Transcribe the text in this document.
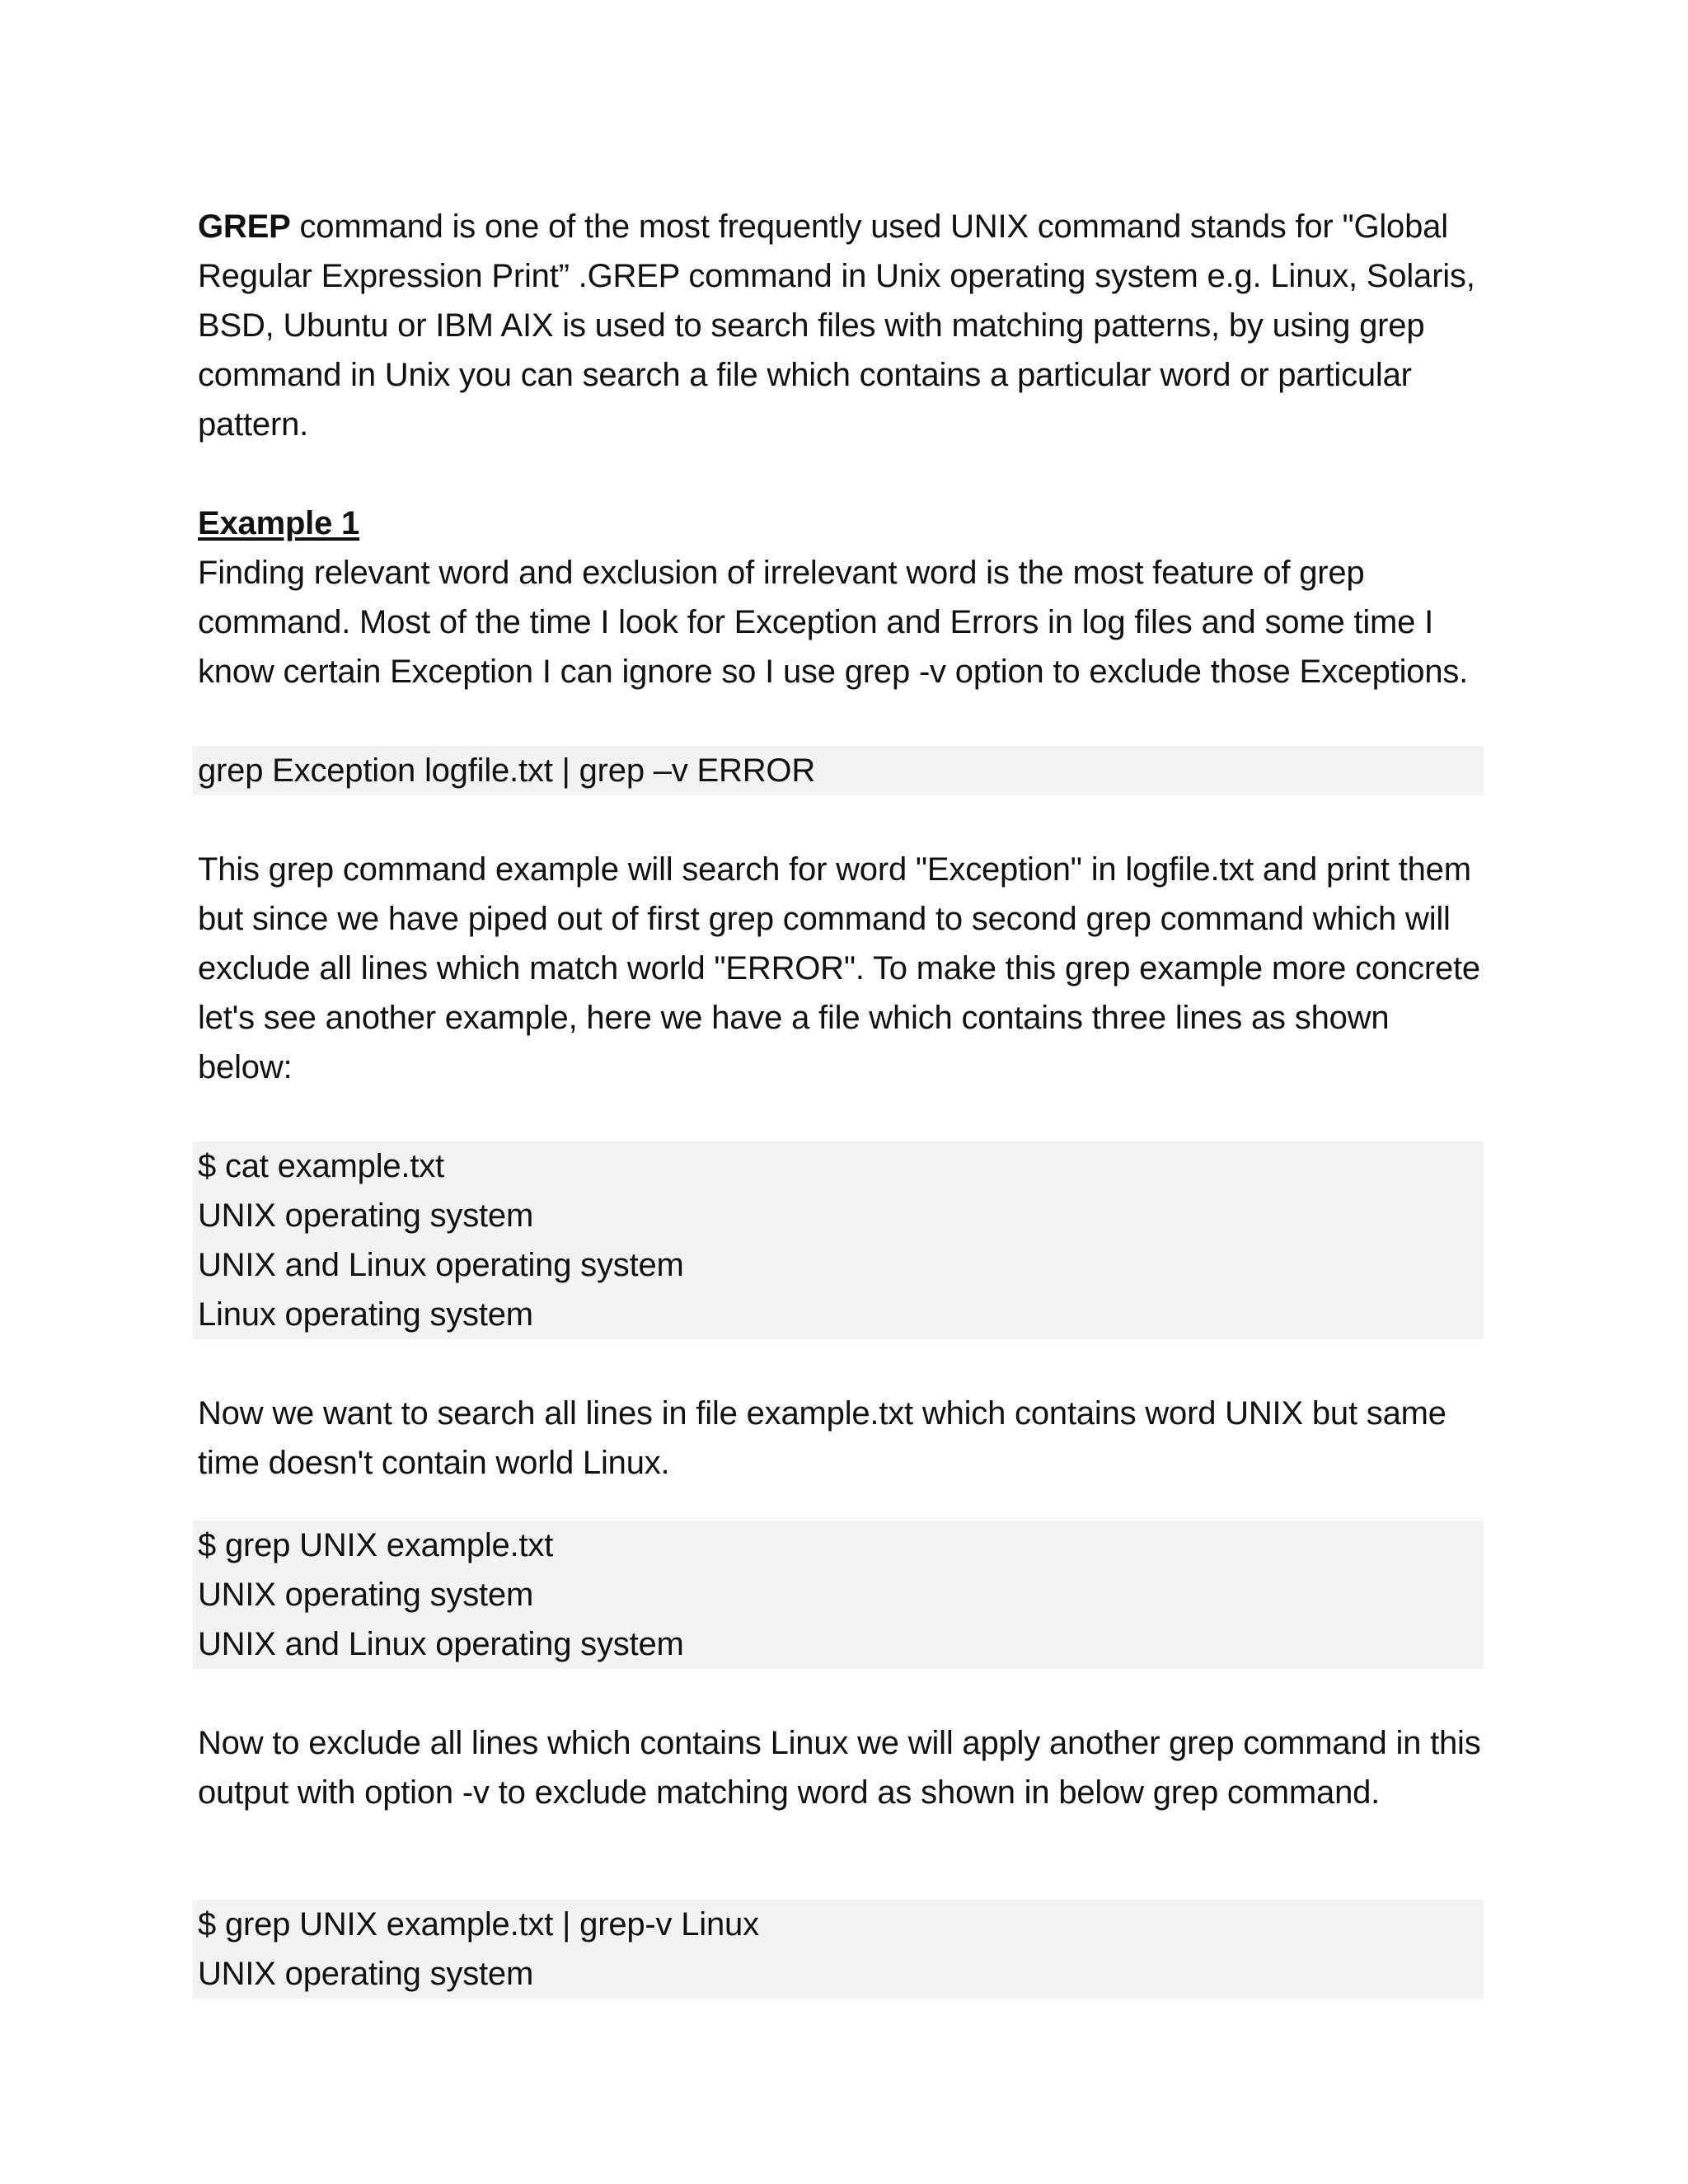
GREP command is one of the most frequently used UNIX command stands for "Global Regular Expression Print” .GREP command in Unix operating system e.g. Linux, Solaris, BSD, Ubuntu or IBM AIX is used to search files with matching patterns, by using grep command in Unix you can search a file which contains a particular word or particular pattern.

Example 1

Finding relevant word and exclusion of irrelevant word is the most feature of grep command. Most of the time I look for Exception and Errors in log files and some time I know certain Exception I can ignore so I use grep -v option to exclude those Exceptions.

grep Exception logfile.txt | grep –v ERROR

This grep command example will search for word "Exception" in logfile.txt and print them but since we have piped out of first grep command to second grep command which will exclude all lines which match world "ERROR". To make this grep example more concrete let's see another example, here we have a file which contains three lines as shown below:

$ cat example.txt
UNIX operating system
UNIX and Linux operating system
Linux operating system

Now we want to search all lines in file example.txt which contains word UNIX but same time doesn't contain world Linux.

$ grep UNIX example.txt
UNIX operating system
UNIX and Linux operating system

Now to exclude all lines which contains Linux we will apply another grep command in this output with option -v to exclude matching word as shown in below grep command.

$ grep UNIX example.txt | grep-v Linux
UNIX operating system
